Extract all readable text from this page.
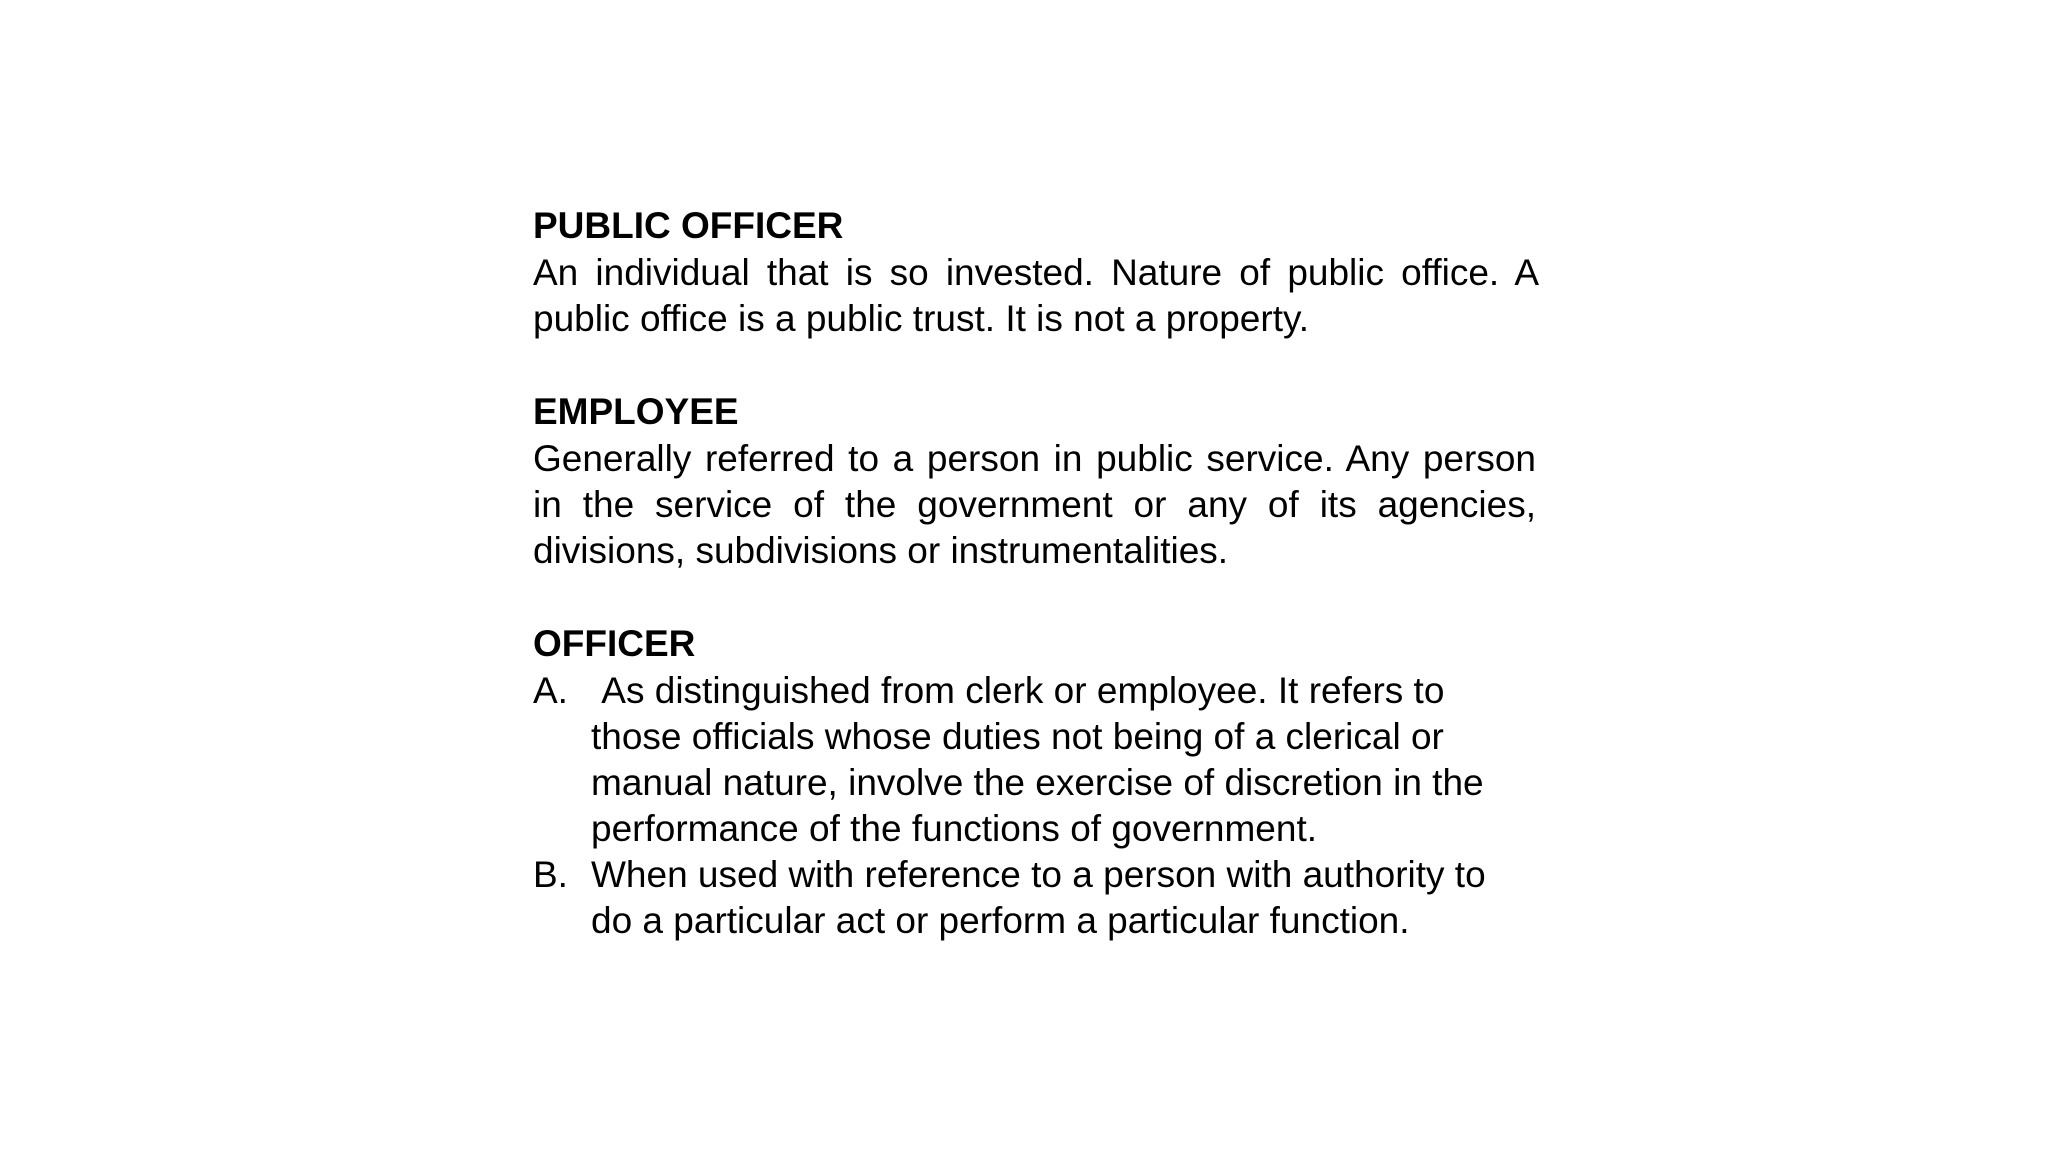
PUBLIC OFFICER
An individual that is so invested. Nature of public office. A public office is a public trust. It is not a property.
EMPLOYEE
Generally referred to a person in public service. Any person in the service of the government or any of its agencies, divisions, subdivisions or instrumentalities.
OFFICER
A. As distinguished from clerk or employee. It refers to those officials whose duties not being of a clerical or manual nature, involve the exercise of discretion in the performance of the functions of government.
B. When used with reference to a person with authority to do a particular act or perform a particular function.
